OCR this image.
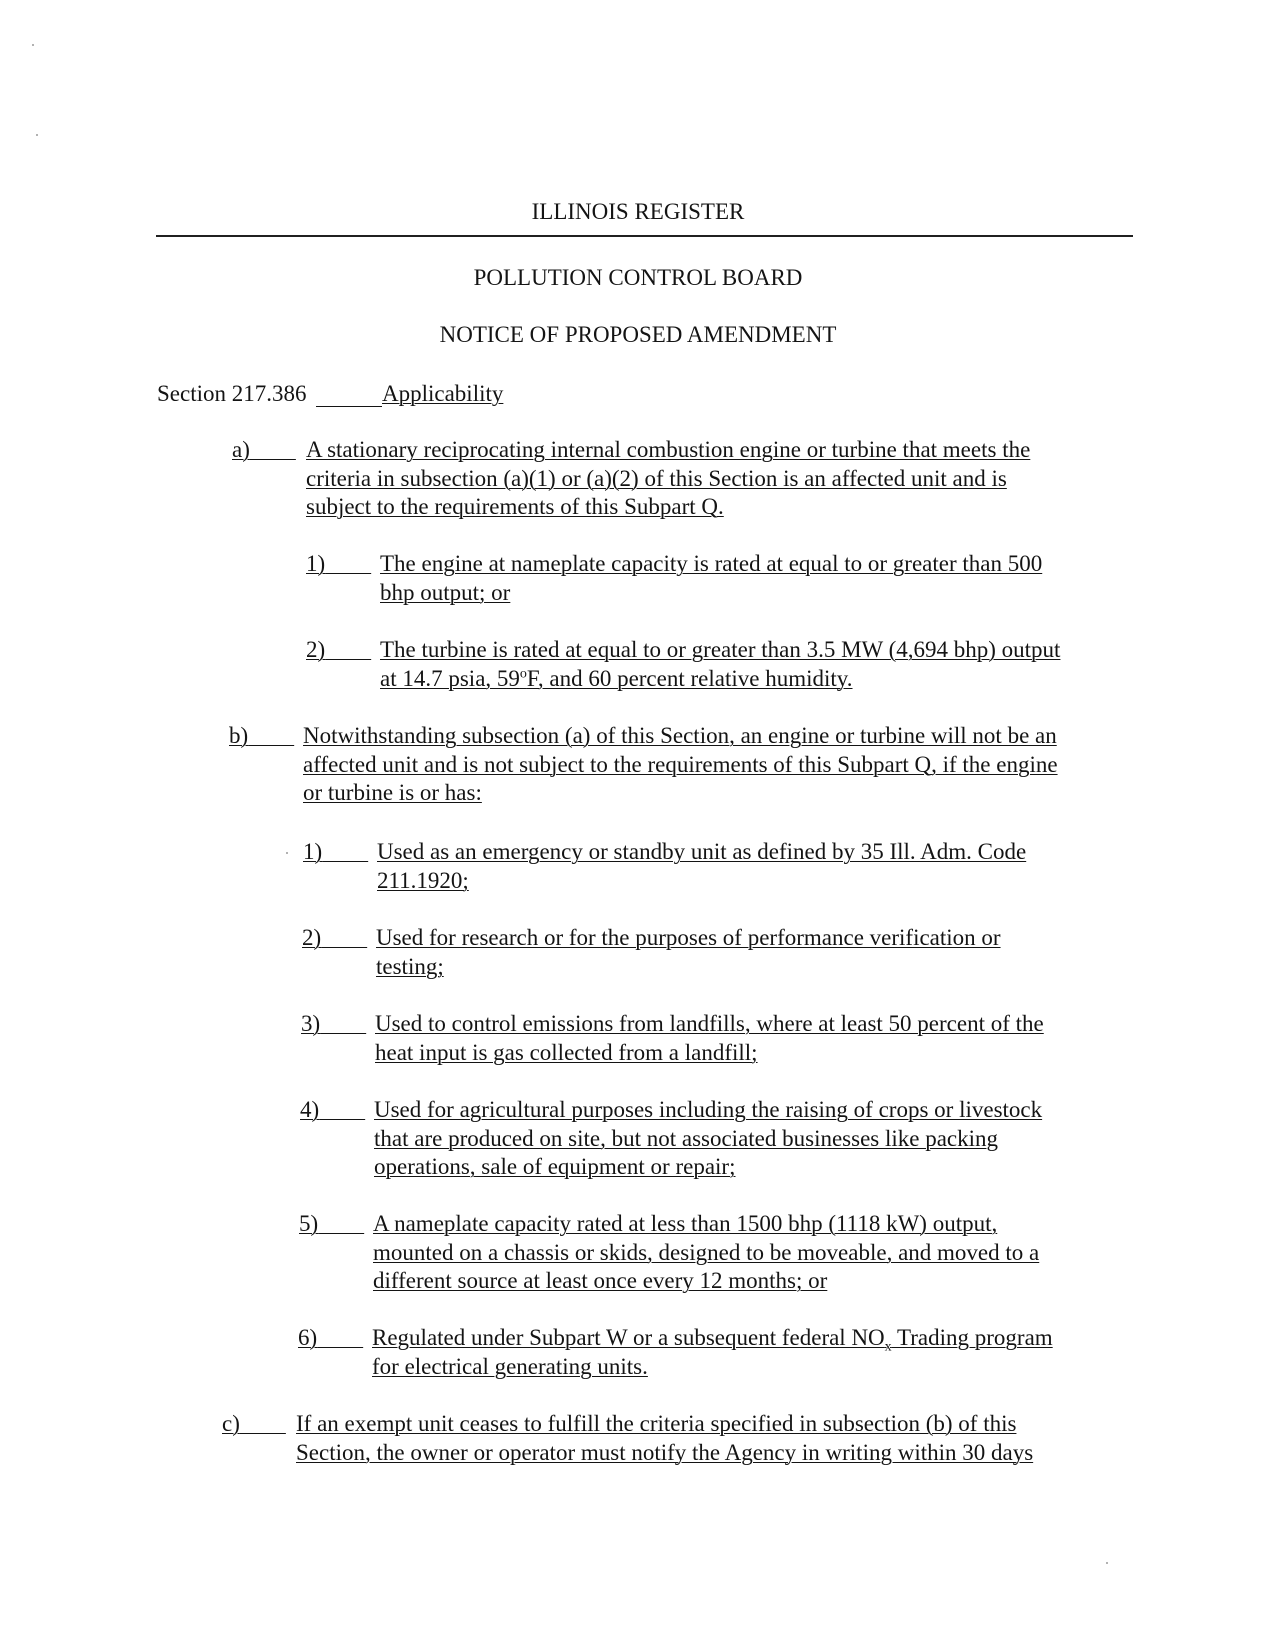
ILLINOIS REGISTER
POLLUTION CONTROL BOARD
NOTICE OF PROPOSED AMENDMENT
Section 217.386	Applicability
a)  	A stationary reciprocating internal combustion engine or turbine that meets the
criteria in subsection (a)(1) or (a)(2) of this Section is an affected unit and is
subject to the requirements of this Subpart Q.
1)  	The engine at nameplate capacity is rated at equal to or greater than 500
bhp output; or
2)  	The turbine is rated at equal to or greater than 3.5 MW (4,694 bhp) output
at 14.7 psia, 59$^o$F, and 60 percent relative humidity.
b)  	Notwithstanding subsection (a) of this Section, an engine or turbine will not be an
affected unit and is not subject to the requirements of this Subpart Q, if the engine
or turbine is or has:
1)  	Used as an emergency or standby unit as defined by 35 Ill. Adm. Code
211.1920;
2)  	Used for research or for the purposes of performance verification or
testing;
3)  	Used to control emissions from landfills, where at least 50 percent of the
heat input is gas collected from a landfill;
4)  	Used for agricultural purposes including the raising of crops or livestock
that are produced on site, but not associated businesses like packing
operations, sale of equipment or repair;
5)  	A nameplate capacity rated at less than 1500 bhp (1118 kW) output,
mounted on a chassis or skids, designed to be moveable, and moved to a
different source at least once every 12 months; or
6)  	Regulated under Subpart W or a subsequent federal $NO_x$ Trading program
for electrical generating units.
c)  	If an exempt unit ceases to fulfill the criteria specified in subsection (b) of this
Section, the owner or operator must notify the Agency in writing within 30 days
